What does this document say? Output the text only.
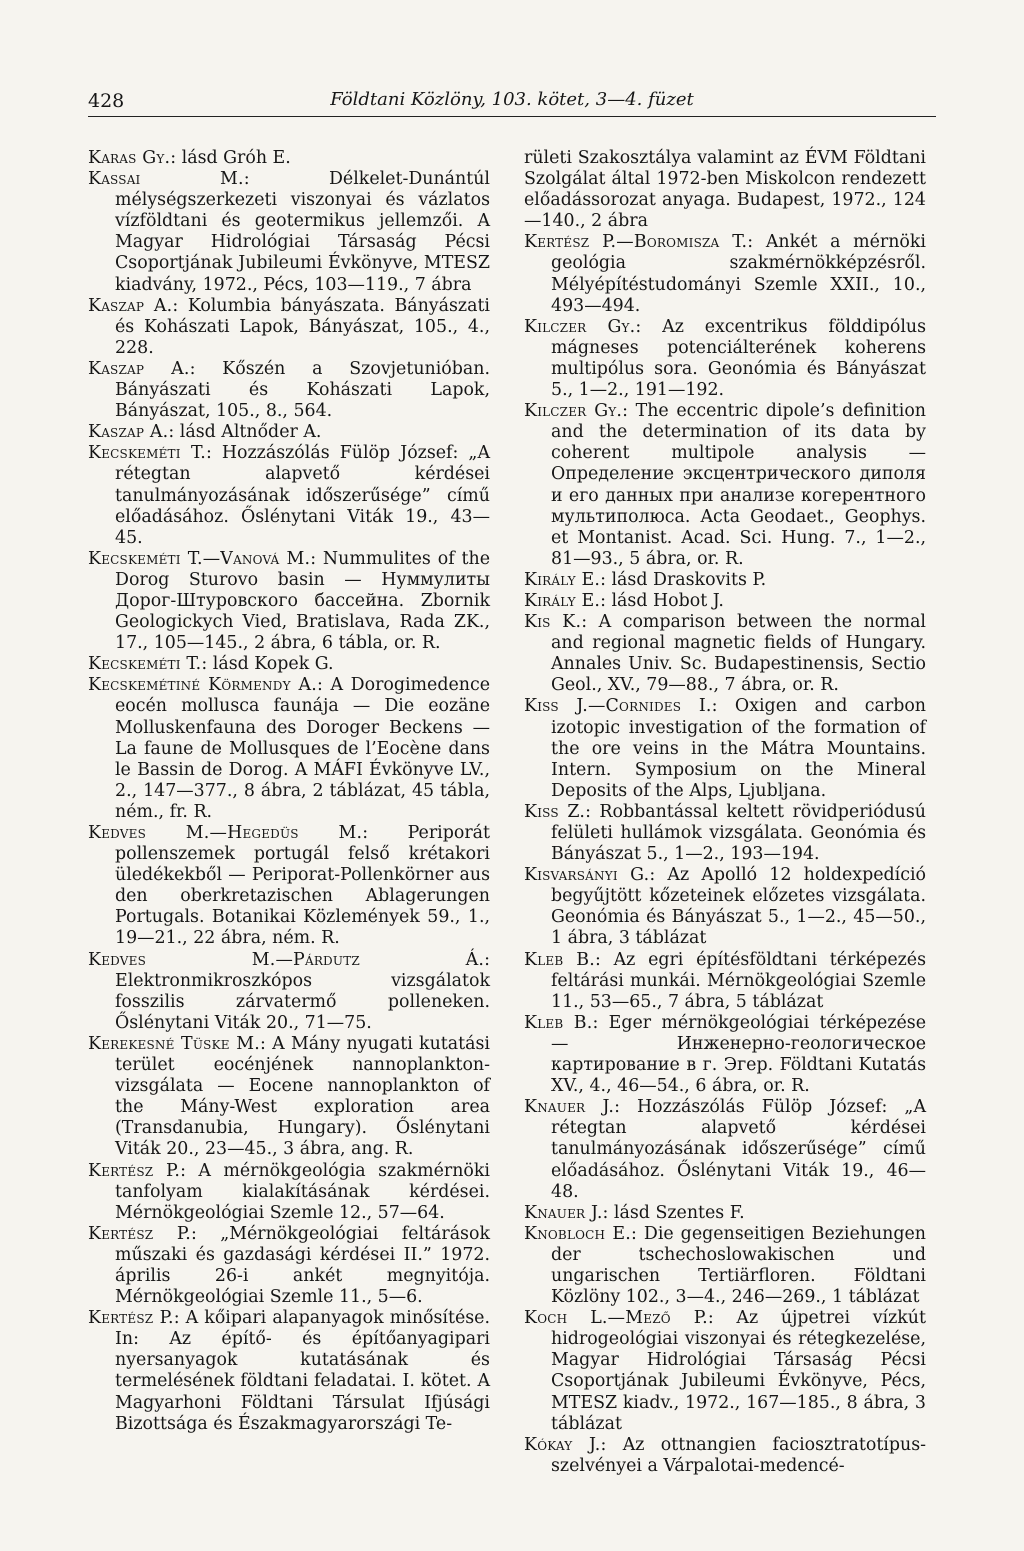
428	Földtani Közlöny, 103. kötet, 3—4. füzet

Karas Gy.: lásd Gróh E.

Kassai M.: Délkelet-Dunántúl mélységszerkezeti viszonyai és vázlatos vízföldtani és geotermikus jellemzői. A Magyar Hidrológiai Társaság Pécsi Csoportjának Jubileumi Évkönyve, MTESZ kiadvány, 1972., Pécs, 103—119., 7 ábra

Kaszap A.: Kolumbia bányászata. Bányászati és Kohászati Lapok, Bányászat, 105., 4., 228.

Kaszap A.: Kőszén a Szovjetunióban. Bányászati és Kohászati Lapok, Bányászat, 105., 8., 564.

Kaszap A.: lásd Altnőder A.

Kecskeméti T.: Hozzászólás Fülöp József: „A rétegtan alapvető kérdései tanulmányozásának időszerűsége” című előadásához. Őslénytani Viták 19., 43—45.

Kecskeméti T.—Vanová M.: Nummulites of the Dorog Sturovo basin — Нуммулиты Дорог-Штуровского бассейна. Zbornik Geologickych Vied, Bratislava, Rada ZK., 17., 105—145., 2 ábra, 6 tábla, or. R.

Kecskeméti T.: lásd Kopek G.

Kecskemétiné Körmendy A.: A Dorogimedence eocén mollusca faunája — Die eozäne Molluskenfauna des Doroger Beckens — La faune de Mollusques de l’Eocène dans le Bassin de Dorog. A MÁFI Évkönyve LV., 2., 147—377., 8 ábra, 2 táblázat, 45 tábla, ném., fr. R.

Kedves M.—Hegedüs M.: Periporát pollenszemek portugál felső krétakori üledékekből — Periporat-Pollenkörner aus den oberkretazischen Ablagerungen Portugals. Botanikai Közlemények 59., 1., 19—21., 22 ábra, ném. R.

Kedves M.—Párdutz Á.: Elektronmikroszkópos vizsgálatok fosszilis zárvatermő polleneken. Őslénytani Viták 20., 71—75.

Kerekesné Tüske M.: A Mány nyugati kutatási terület eocénjének nannoplankton-vizsgálata — Eocene nannoplankton of the Mány-West exploration area (Transdanubia, Hungary). Őslénytani Viták 20., 23—45., 3 ábra, ang. R.

Kertész P.: A mérnökgeológia szakmérnöki tanfolyam kialakításának kérdései. Mérnökgeológiai Szemle 12., 57—64.

Kertész P.: „Mérnökgeológiai feltárások műszaki és gazdasági kérdései II.” 1972. április 26-i ankét megnyitója. Mérnökgeológiai Szemle 11., 5—6.

Kertész P.: A kőipari alapanyagok minősítése. In: Az építő- és építőanyagipari nyersanyagok kutatásának és termelésének földtani feladatai. I. kötet. A Magyarhoni Földtani Társulat Ifjúsági Bizottsága és Északmagyarországi Te-

rületi Szakosztálya valamint az ÉVM Földtani Szolgálat által 1972-ben Miskolcon rendezett előadássorozat anyaga. Budapest, 1972., 124—140., 2 ábra

Kertész P.—Boromisza T.: Ankét a mérnöki geológia szakmérnökképzésről. Mélyépítéstudományi Szemle XXII., 10., 493—494.

Kilczer Gy.: Az excentrikus földdipólus mágneses potenciálterének koherens multipólus sora. Geonómia és Bányászat 5., 1—2., 191—192.

Kilczer Gy.: The eccentric dipole’s definition and the determination of its data by coherent multipole analysis — Определение эксцентрического диполя и его данных при анализе когерентного мультиполюса. Acta Geodaet., Geophys. et Montanist. Acad. Sci. Hung. 7., 1—2., 81—93., 5 ábra, or. R.

Király E.: lásd Draskovits P.

Király E.: lásd Hobot J.

Kis K.: A comparison between the normal and regional magnetic fields of Hungary. Annales Univ. Sc. Budapestinensis, Sectio Geol., XV., 79—88., 7 ábra, or. R.

Kiss J.—Cornides I.: Oxigen and carbon izotopic investigation of the formation of the ore veins in the Mátra Mountains. Intern. Symposium on the Mineral Deposits of the Alps, Ljubljana.

Kiss Z.: Robbantással keltett rövidperiódusú felületi hullámok vizsgálata. Geonómia és Bányászat 5., 1—2., 193—194.

Kisvarsányi G.: Az Apolló 12 holdexpedíció begyűjtött kőzeteinek előzetes vizsgálata. Geonómia és Bányászat 5., 1—2., 45—50., 1 ábra, 3 táblázat

Kleb B.: Az egri építésföldtani térképezés feltárási munkái. Mérnökgeológiai Szemle 11., 53—65., 7 ábra, 5 táblázat

Kleb B.: Eger mérnökgeológiai térképezése — Инженерно-геологическое картирование в г. Эгер. Földtani Kutatás XV., 4., 46—54., 6 ábra, or. R.

Knauer J.: Hozzászólás Fülöp József: „A rétegtan alapvető kérdései tanulmányozásának időszerűsége” című előadásához. Őslénytani Viták 19., 46—48.

Knauer J.: lásd Szentes F.

Knobloch E.: Die gegenseitigen Beziehungen der tschechoslowakischen und ungarischen Tertiärfloren. Földtani Közlöny 102., 3—4., 246—269., 1 táblázat

Koch L.—Mező P.: Az újpetrei vízkút hidrogeológiai viszonyai és rétegkezelése, Magyar Hidrológiai Társaság Pécsi Csoportjának Jubileumi Évkönyve, Pécs, MTESZ kiadv., 1972., 167—185., 8 ábra, 3 táblázat

Kókay J.: Az ottnangien faciosztratotípus-szelvényei a Várpalotai-medencé-
